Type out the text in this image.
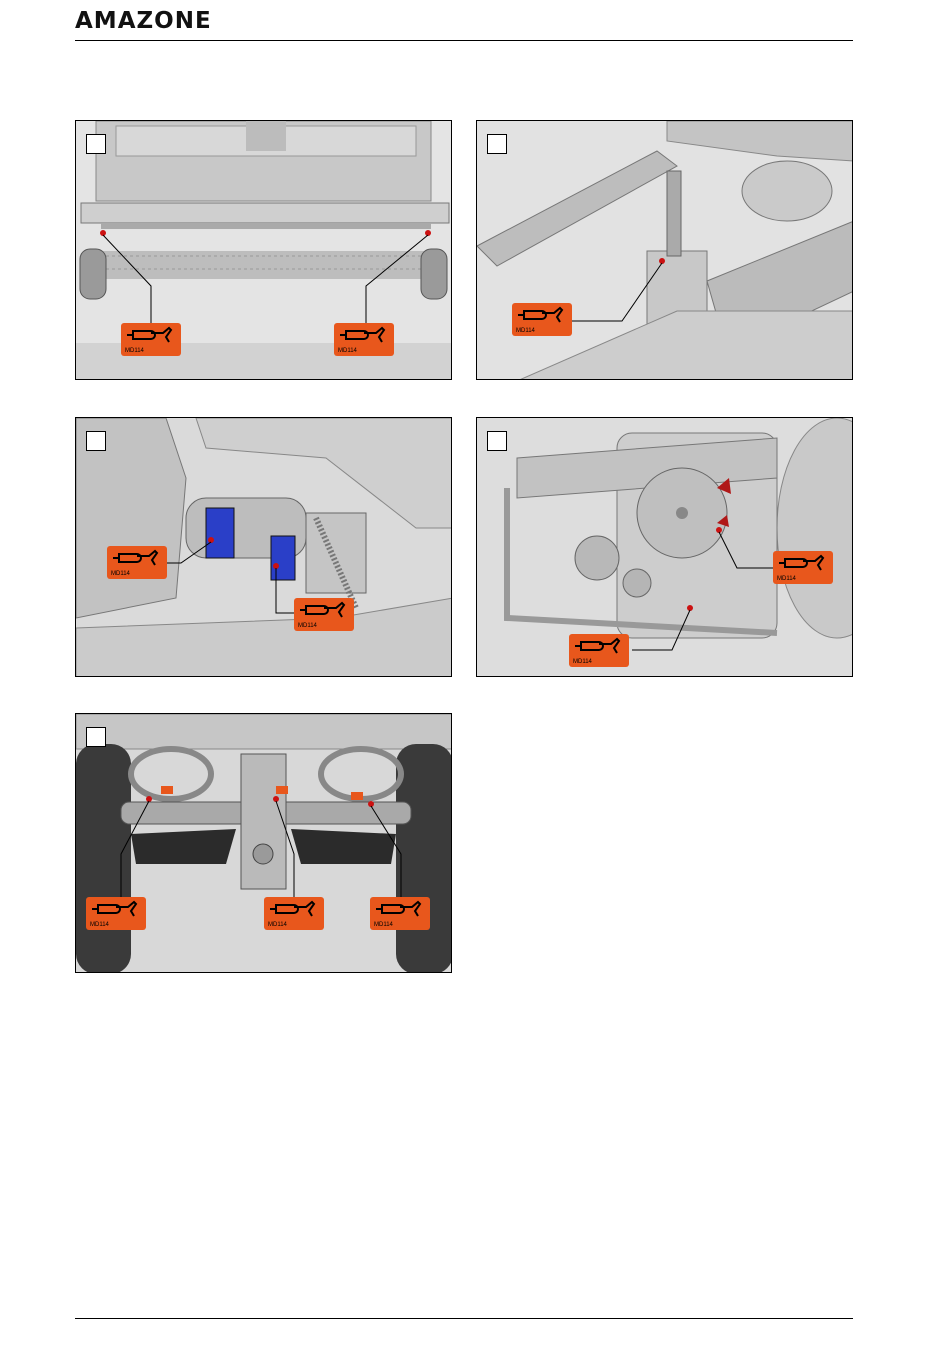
AMAZONE
MD114	MD114
MD114
MD114
MD114
MD114
MD114
MD114	MD114	MD114
